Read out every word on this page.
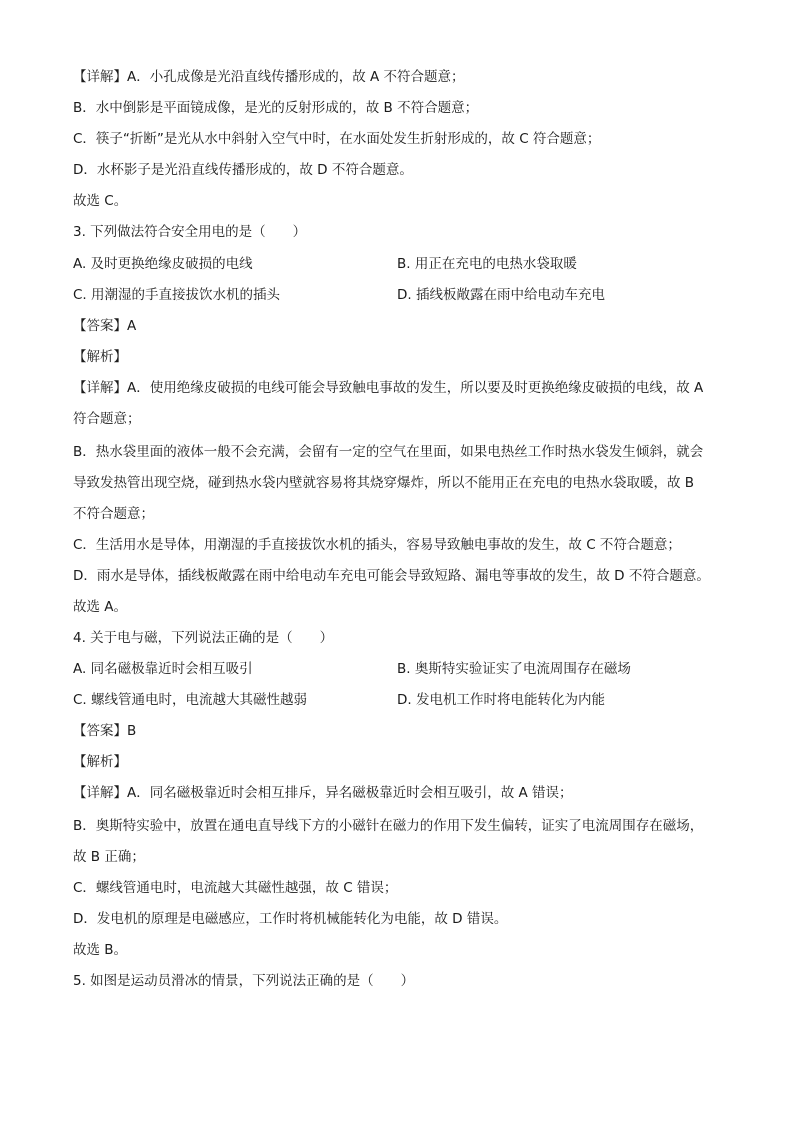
【详解】A．小孔成像是光沿直线传播形成的，故 A 不符合题意；
B．水中倒影是平面镜成像，是光的反射形成的，故 B 不符合题意；
C．筷子“折断”是光从水中斜射入空气中时，在水面处发生折射形成的，故 C 符合题意；
D．水杯影子是光沿直线传播形成的，故 D 不符合题意。
故选 C。
3. 下列做法符合安全用电的是（　　）
A. 及时更换绝缘皮破损的电线	B. 用正在充电的电热水袋取暖
C. 用潮湿的手直接拔饮水机的插头	D. 插线板敞露在雨中给电动车充电
【答案】A
【解析】
【详解】A．使用绝缘皮破损的电线可能会导致触电事故的发生，所以要及时更换绝缘皮破损的电线，故 A
符合题意；
B．热水袋里面的液体一般不会充满，会留有一定的空气在里面，如果电热丝工作时热水袋发生倾斜，就会
导致发热管出现空烧，碰到热水袋内壁就容易将其烧穿爆炸，所以不能用正在充电的电热水袋取暖，故 B
不符合题意；
C．生活用水是导体，用潮湿的手直接拔饮水机的插头，容易导致触电事故的发生，故 C 不符合题意；
D．雨水是导体，插线板敞露在雨中给电动车充电可能会导致短路、漏电等事故的发生，故 D 不符合题意。
故选 A。
4. 关于电与磁，下列说法正确的是（　　）
A. 同名磁极靠近时会相互吸引	B. 奥斯特实验证实了电流周围存在磁场
C. 螺线管通电时，电流越大其磁性越弱	D. 发电机工作时将电能转化为内能
【答案】B
【解析】
【详解】A．同名磁极靠近时会相互排斥，异名磁极靠近时会相互吸引，故 A 错误；
B．奥斯特实验中，放置在通电直导线下方的小磁针在磁力的作用下发生偏转，证实了电流周围存在磁场，
故 B 正确；
C．螺线管通电时，电流越大其磁性越强，故 C 错误；
D．发电机的原理是电磁感应，工作时将机械能转化为电能，故 D 错误。
故选 B。
5. 如图是运动员滑冰的情景，下列说法正确的是（　　）
